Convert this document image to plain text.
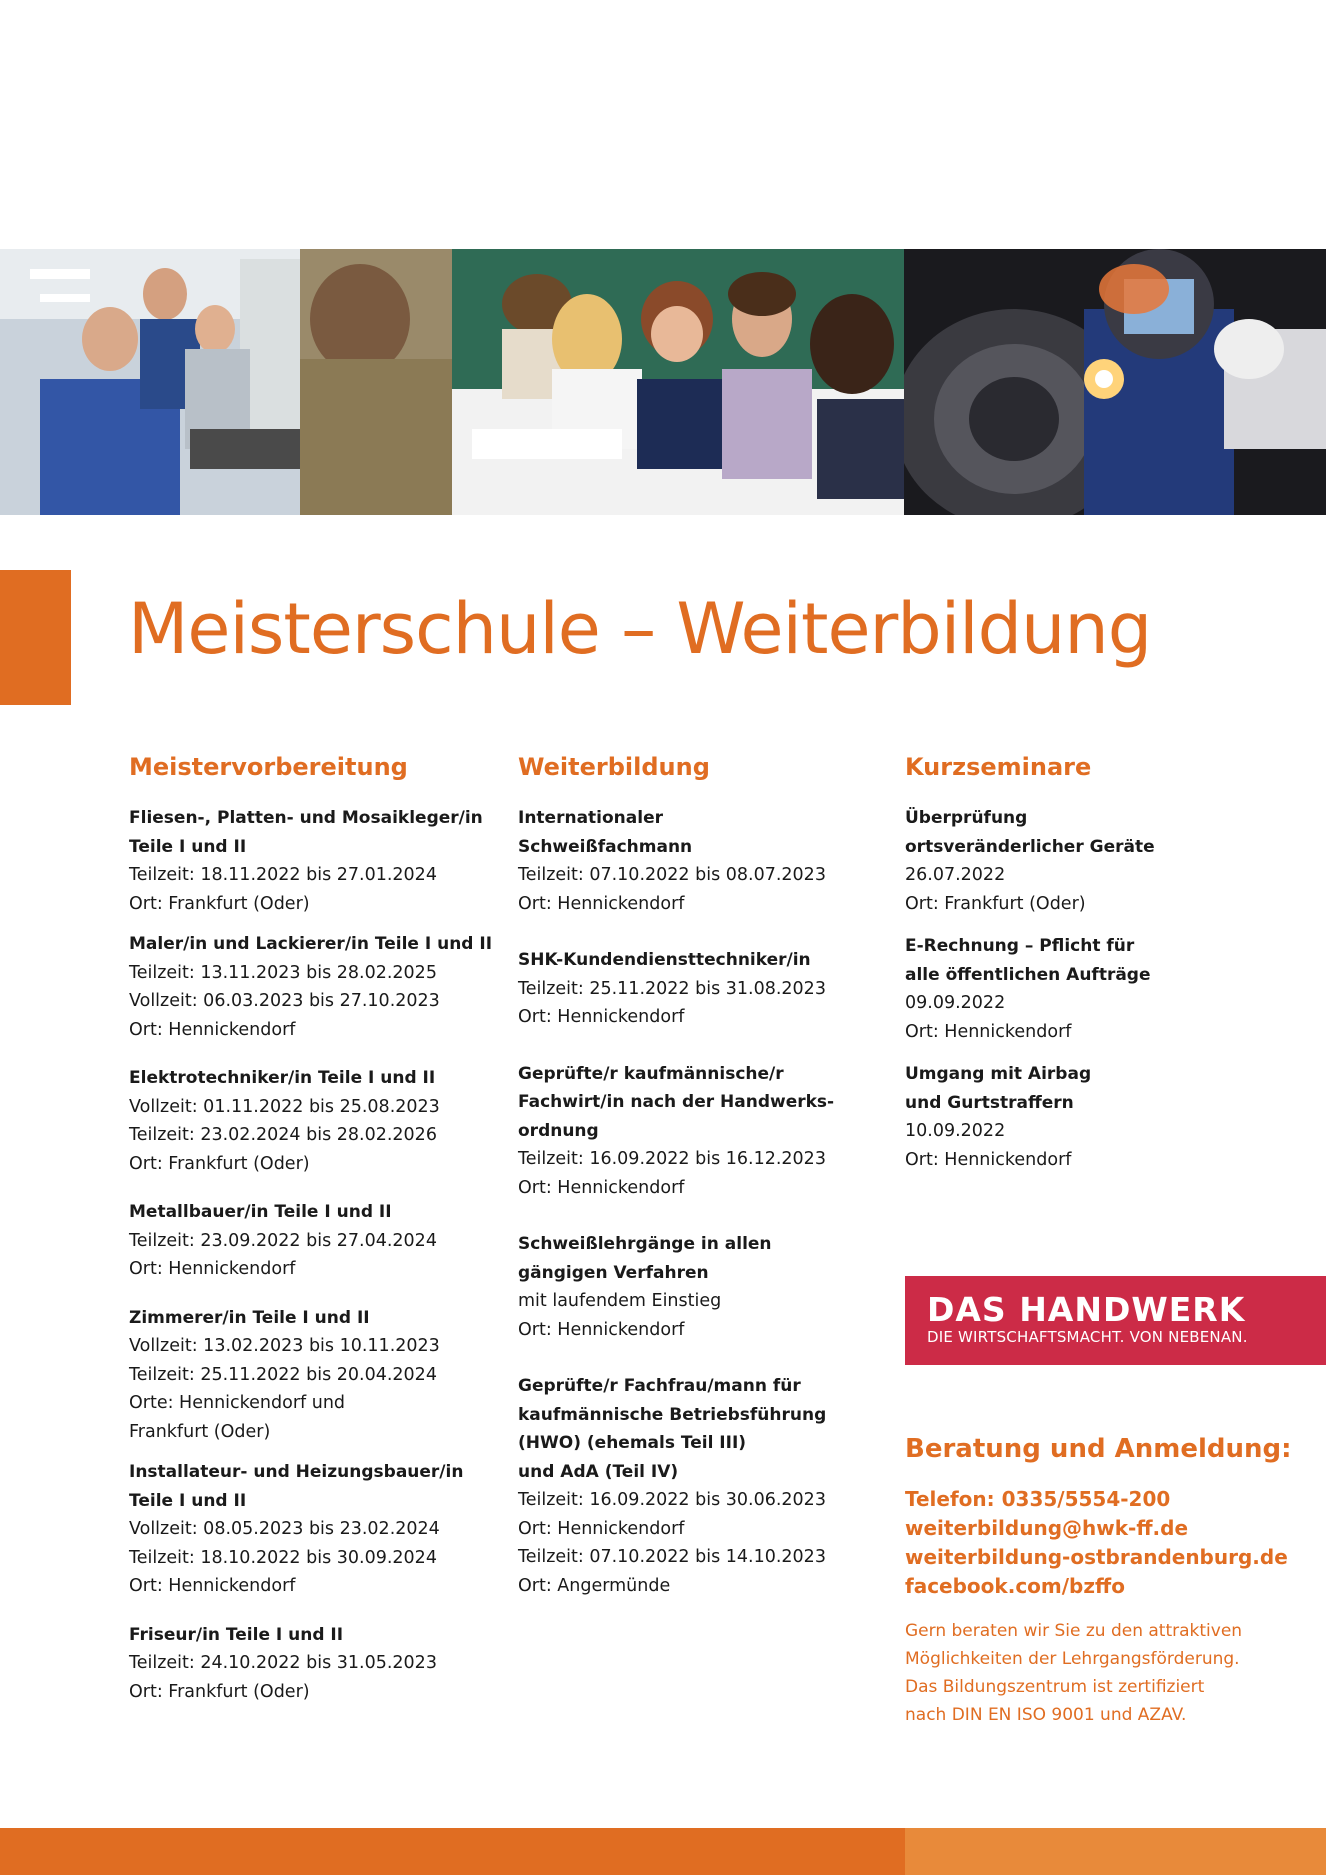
Meisterschule – Weiterbildung
Meistervorbereitung
Fliesen-, Platten- und Mosaikleger/in
Teile I und II
Teilzeit: 18.11.2022 bis 27.01.2024
Ort: Frankfurt (Oder)
Maler/in und Lackierer/in Teile I und II
Teilzeit: 13.11.2023 bis 28.02.2025
Vollzeit: 06.03.2023 bis 27.10.2023
Ort: Hennickendorf
Elektrotechniker/in Teile I und II
Vollzeit: 01.11.2022 bis 25.08.2023
Teilzeit: 23.02.2024 bis 28.02.2026
Ort: Frankfurt (Oder)
Metallbauer/in Teile I und II
Teilzeit: 23.09.2022 bis 27.04.2024
Ort: Hennickendorf
Zimmerer/in Teile I und II
Vollzeit: 13.02.2023 bis 10.11.2023
Teilzeit: 25.11.2022 bis 20.04.2024
Orte: Hennickendorf und
Frankfurt (Oder)
Installateur- und Heizungsbauer/in
Teile I und II
Vollzeit: 08.05.2023 bis 23.02.2024
Teilzeit: 18.10.2022 bis 30.09.2024
Ort: Hennickendorf
Friseur/in Teile I und II
Teilzeit: 24.10.2022 bis 31.05.2023
Ort: Frankfurt (Oder)
Weiterbildung
Internationaler
Schweißfachmann
Teilzeit: 07.10.2022 bis 08.07.2023
Ort: Hennickendorf
SHK-Kundendiensttechniker/in
Teilzeit: 25.11.2022 bis 31.08.2023
Ort: Hennickendorf
Geprüfte/r kaufmännische/r
Fachwirt/in nach der Handwerks-
ordnung
Teilzeit: 16.09.2022 bis 16.12.2023
Ort: Hennickendorf
Schweißlehrgänge in allen
gängigen Verfahren
mit laufendem Einstieg
Ort: Hennickendorf
Geprüfte/r Fachfrau/mann für
kaufmännische Betriebsführung
(HWO) (ehemals Teil III)
und AdA (Teil IV)
Teilzeit: 16.09.2022 bis 30.06.2023
Ort: Hennickendorf
Teilzeit: 07.10.2022 bis 14.10.2023
Ort: Angermünde
Kurzseminare
Überprüfung
ortsveränderlicher Geräte
26.07.2022
Ort: Frankfurt (Oder)
E-Rechnung – Pflicht für
alle öffentlichen Aufträge
09.09.2022
Ort: Hennickendorf
Umgang mit Airbag
und Gurtstraffern
10.09.2022
Ort: Hennickendorf
DAS HANDWERK
DIE WIRTSCHAFTSMACHT. VON NEBENAN.
Beratung und Anmeldung:
Telefon: 0335/5554-200
weiterbildung@hwk-ff.de
weiterbildung-ostbrandenburg.de
facebook.com/bzffo
Gern beraten wir Sie zu den attraktiven
Möglichkeiten der Lehrgangsförderung.
Das Bildungszentrum ist zertifiziert
nach DIN EN ISO 9001 und AZAV.
